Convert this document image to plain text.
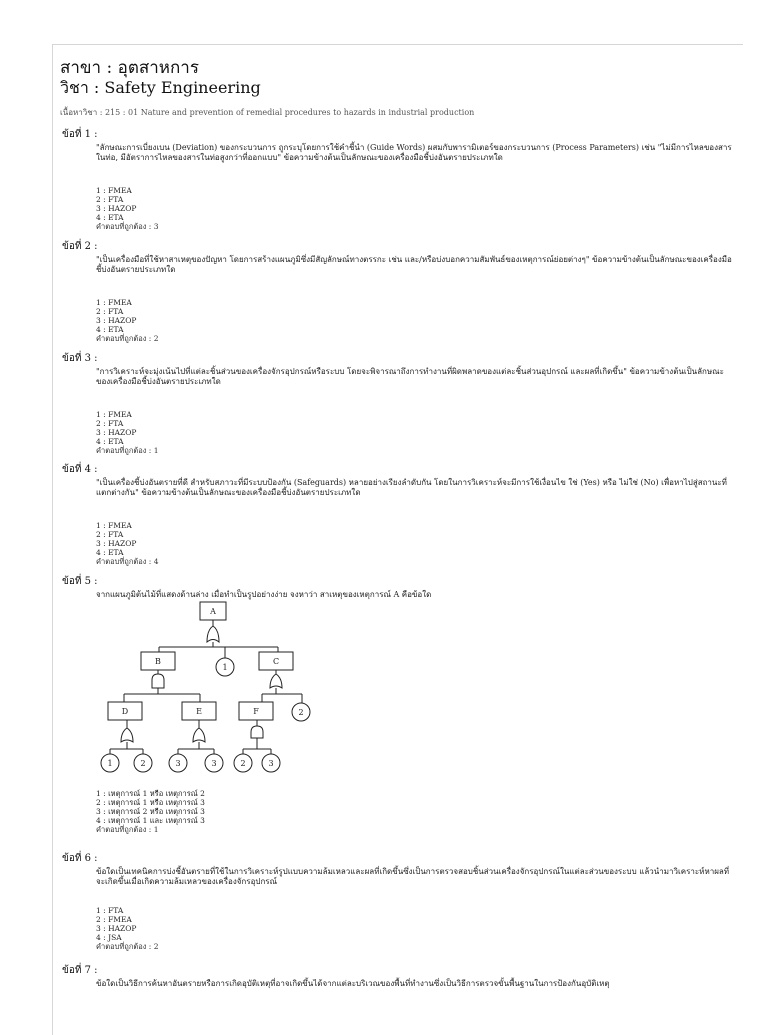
สาขา : อุตสาหการ
วิชา : Safety Engineering
เนื้อหาวิชา : 215 : 01 Nature and prevention of remedial procedures to hazards in industrial production
ข้อที่ 1 :
"ลักษณะการเบี่ยงเบน (Deviation) ของกระบวนการ ถูกระบุโดยการใช้คำชี้นำ (Guide Words) ผสมกับพารามิเตอร์ของกระบวนการ (Process Parameters) เช่น "ไม่มีการไหลของสารในท่อ, มีอัตราการไหลของสารในท่อสูงกว่าที่ออกแบบ" ข้อความข้างต้นเป็นลักษณะของเครื่องมือชี้บ่งอันตรายประเภทใด
1 : FMEA
2 : FTA
3 : HAZOP
4 : ETA
คำตอบที่ถูกต้อง : 3
ข้อที่ 2 :
"เป็นเครื่องมือที่ใช้หาสาเหตุของปัญหา โดยการสร้างแผนภูมิซึ่งมีสัญลักษณ์ทางตรรกะ เช่น และ/หรือบ่งบอกความสัมพันธ์ของเหตุการณ์ย่อยต่างๆ" ข้อความข้างต้นเป็นลักษณะของเครื่องมือชี้บ่งอันตรายประเภทใด
1 : FMEA
2 : FTA
3 : HAZOP
4 : ETA
คำตอบที่ถูกต้อง : 2
ข้อที่ 3 :
"การวิเคราะห์จะมุ่งเน้นไปที่แต่ละชิ้นส่วนของเครื่องจักรอุปกรณ์หรือระบบ โดยจะพิจารณาถึงการทำงานที่ผิดพลาดของแต่ละชิ้นส่วนอุปกรณ์ และผลที่เกิดขึ้น" ข้อความข้างต้นเป็นลักษณะของเครื่องมือชี้บ่งอันตรายประเภทใด
1 : FMEA
2 : FTA
3 : HAZOP
4 : ETA
คำตอบที่ถูกต้อง : 1
ข้อที่ 4 :
"เป็นเครื่องชี้บ่งอันตรายที่ดี สำหรับสภาวะที่มีระบบป้องกัน (Safeguards) หลายอย่างเรียงลำดับกัน โดยในการวิเคราะห์จะมีการใช้เงื่อนไข ใช่ (Yes) หรือ ไม่ใช่ (No) เพื่อหาไปสู่สถานะที่แตกต่างกัน" ข้อความข้างต้นเป็นลักษณะของเครื่องมือชี้บ่งอันตรายประเภทใด
1 : FMEA
2 : FTA
3 : HAZOP
4 : ETA
คำตอบที่ถูกต้อง : 4
ข้อที่ 5 :
จากแผนภูมิต้นไม้ที่แสดงด้านล่าง เมื่อทำเป็นรูปอย่างง่าย จงหาว่า สาเหตุของเหตุการณ์ A คือข้อใด
A
B	C
D	E	F
1
2
1	2	3	3	2	3
1 : เหตุการณ์ 1 หรือ เหตุการณ์ 2
2 : เหตุการณ์ 1 หรือ เหตุการณ์ 3
3 : เหตุการณ์ 2 หรือ เหตุการณ์ 3
4 : เหตุการณ์ 1 และ เหตุการณ์ 3
คำตอบที่ถูกต้อง : 1
ข้อที่ 6 :
ข้อใดเป็นเทคนิคการบ่งชี้อันตรายที่ใช้ในการวิเคราะห์รูปแบบความล้มเหลวและผลที่เกิดขึ้นซึ่งเป็นการตรวจสอบชิ้นส่วนเครื่องจักรอุปกรณ์ในแต่ละส่วนของระบบ แล้วนำมาวิเคราะห์หาผลที่จะเกิดขึ้นเมื่อเกิดความล้มเหลวของเครื่องจักรอุปกรณ์
1 : FTA
2 : FMEA
3 : HAZOP
4 : JSA
คำตอบที่ถูกต้อง : 2
ข้อที่ 7 :
ข้อใดเป็นวิธีการค้นหาอันตรายหรือการเกิดอุบัติเหตุที่อาจเกิดขึ้นได้จากแต่ละบริเวณของพื้นที่ทำงานซึ่งเป็นวิธีการตรวจขั้นพื้นฐานในการป้องกันอุบัติเหตุ
